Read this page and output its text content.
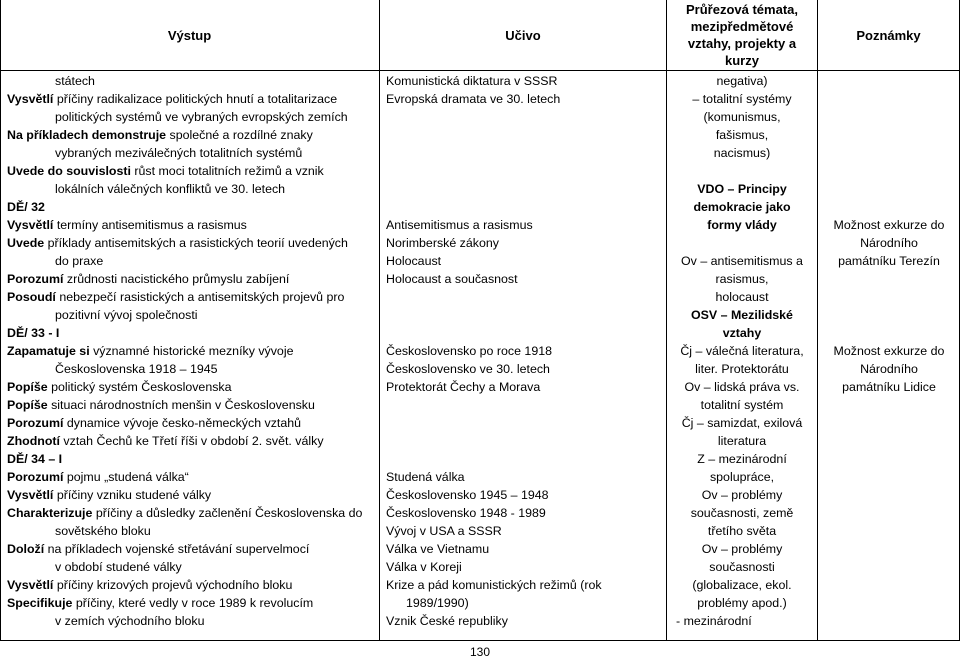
Výstup	Učivo
Průřezová témata, mezipředmětové vztahy, projekty a kurzy
Poznámky

státech

Vysvětlí příčiny radikalizace politických hnutí a totalitarizace

politických systémů ve vybraných evropských zemích

Na příkladech demonstruje společné a rozdílné znaky

vybraných meziválečných totalitních systémů

Uvede do souvislosti růst moci totalitních režimů a vznik

lokálních válečných konfliktů ve 30. letech

DĚ/ 32

Vysvětlí termíny antisemitismus a rasismus

Uvede příklady antisemitských a rasistických teorií uvedených

do praxe

Porozumí zrůdnosti nacistického průmyslu zabíjení

Posoudí nebezpečí rasistických a antisemitských projevů pro

pozitivní vývoj společnosti

DĚ/ 33 - I

Zapamatuje si významné historické mezníky vývoje

Československa 1918 – 1945

Popíše politický systém Československa

Popíše situaci národnostních menšin v Československu

Porozumí dynamice vývoje česko-německých vztahů

Zhodnotí vztah Čechů ke Třetí říši v období 2. svět. války

DĚ/ 34 – I

Porozumí pojmu „studená válka“

Vysvětlí příčiny vzniku studené války

Charakterizuje příčiny a důsledky začlenění Československa do

sovětského bloku

Doloží na příkladech vojenské střetávání supervelmocí

v období studené války

Vysvětlí příčiny krizových projevů východního bloku

Specifikuje příčiny, které vedly v roce 1989 k revolucím

v zemích východního bloku

Komunistická diktatura v SSSR

Evropská dramata ve 30. letech

Antisemitismus a rasismus

Norimberské zákony

Holocaust

Holocaust a současnost

Československo po roce 1918

Československo ve 30. letech

Protektorát Čechy a Morava

Studená válka

Československo 1945 – 1948

Československo 1948 - 1989

Vývoj v USA a SSSR

Válka ve Vietnamu

Válka v Koreji

Krize a pád komunistických režimů (rok

1989/1990)

Vznik České republiky

negativa)

– totalitní systémy

(komunismus,

fašismus,

nacismus)

VDO – Principy

demokracie jako

formy vlády

Ov – antisemitismus a

rasismus,

holocaust

OSV – Mezilidské

vztahy

Čj – válečná literatura,

liter. Protektorátu

Ov – lidská práva vs.

totalitní systém

Čj – samizdat, exilová

literatura

Z – mezinárodní

spolupráce,

Ov – problémy

současnosti, země

třetího světa

Ov – problémy

současnosti

(globalizace, ekol.

problémy apod.)

- mezinárodní

Možnost exkurze do

Národního

památníku Terezín

Možnost exkurze do

Národního

památníku Lidice

130
